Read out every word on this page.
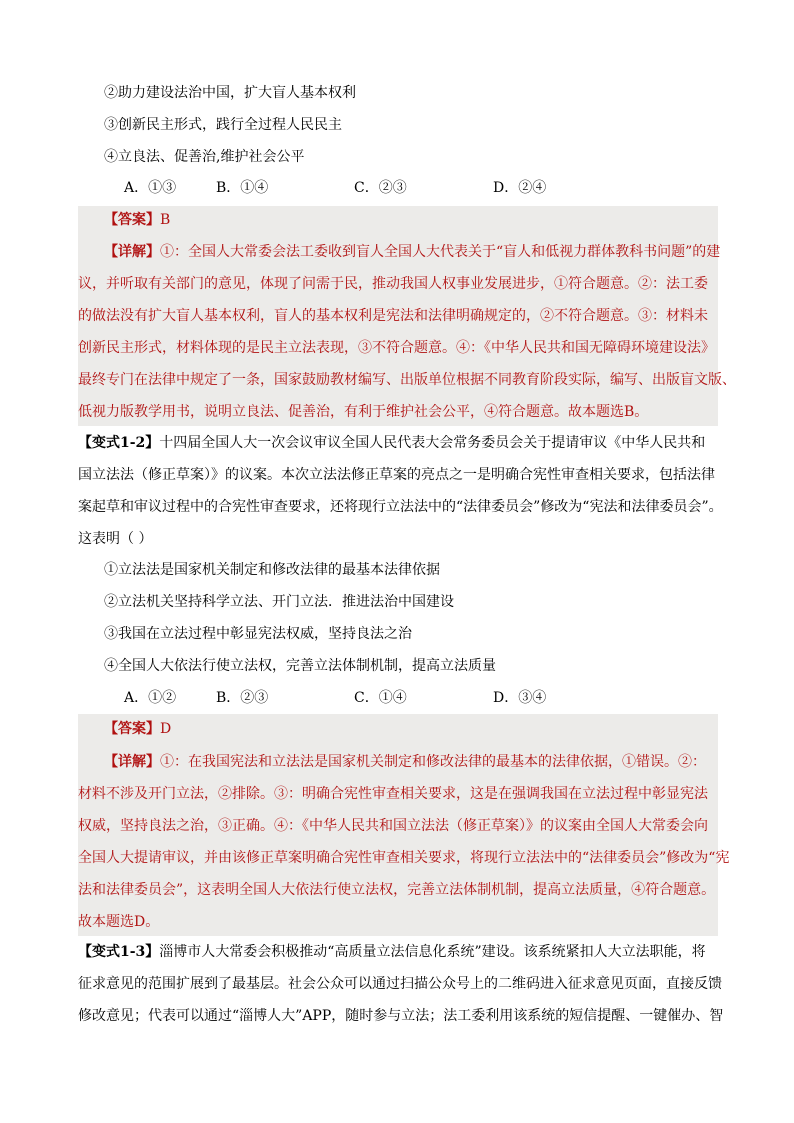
②助力建设法治中国，扩大盲人基本权利
③创新民主形式，践行全过程人民民主
④立良法、促善治,维护社会公平
A．①③	B．①④	C．②③	D．②④
【答案】B
【详解】①：全国人大常委会法工委收到盲人全国人大代表关于“盲人和低视力群体教科书问题”的建
议，并听取有关部门的意见，体现了问需于民，推动我国人权事业发展进步，①符合题意。②：法工委
的做法没有扩大盲人基本权利，盲人的基本权利是宪法和法律明确规定的，②不符合题意。③：材料未
创新民主形式，材料体现的是民主立法表现，③不符合题意。④：《中华人民共和国无障碍环境建设法》
最终专门在法律中规定了一条，国家鼓励教材编写、出版单位根据不同教育阶段实际，编写、出版盲文版、
低视力版教学用书，说明立良法、促善治，有利于维护社会公平，④符合题意。故本题选B。
【变式1-2】十四届全国人大一次会议审议全国人民代表大会常务委员会关于提请审议《中华人民共和
国立法法（修正草案）》的议案。本次立法法修正草案的亮点之一是明确合宪性审查相关要求，包括法律
案起草和审议过程中的合宪性审查要求，还将现行立法法中的“法律委员会”修改为“宪法和法律委员会”。
这表明（ ）
①立法法是国家机关制定和修改法律的最基本法律依据
②立法机关坚持科学立法、开门立法．推进法治中国建设
③我国在立法过程中彰显宪法权威，坚持良法之治
④全国人大依法行使立法权，完善立法体制机制，提高立法质量
A．①②	B．②③	C．①④	D．③④
【答案】D
【详解】①：在我国宪法和立法法是国家机关制定和修改法律的最基本的法律依据，①错误。②：
材料不涉及开门立法，②排除。③：明确合宪性审查相关要求，这是在强调我国在立法过程中彰显宪法
权威，坚持良法之治，③正确。④：《中华人民共和国立法法（修正草案）》的议案由全国人大常委会向
全国人大提请审议，并由该修正草案明确合宪性审查相关要求，将现行立法法中的“法律委员会”修改为“宪
法和法律委员会”，这表明全国人大依法行使立法权，完善立法体制机制，提高立法质量，④符合题意。
故本题选D。
【变式1-3】淄博市人大常委会积极推动“高质量立法信息化系统”建设。该系统紧扣人大立法职能，将
征求意见的范围扩展到了最基层。社会公众可以通过扫描公众号上的二维码进入征求意见页面，直接反馈
修改意见；代表可以通过“淄博人大”APP，随时参与立法；法工委利用该系统的短信提醒、一键催办、智
